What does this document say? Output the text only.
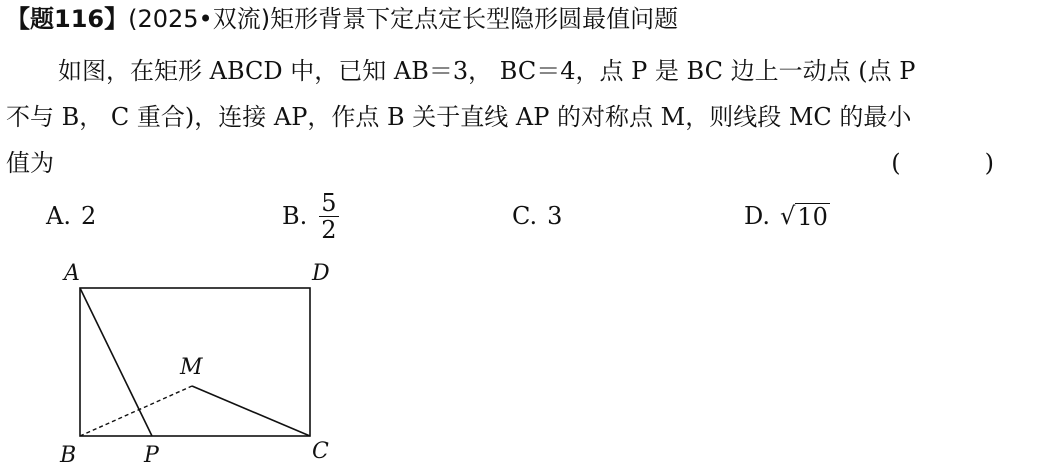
【题116】(2025•双流)矩形背景下定点定长型隐形圆最值问题
如图，在矩形 ABCD 中，已知 AB＝3， BC＝4，点 P 是 BC 边上一动点 (点 P
不与 B， C 重合)，连接 AP，作点 B 关于直线 AP 的对称点 M，则线段 MC 的最小
值为	(　)
A. 2	B. $\frac{5}{2}$	C. 3	D. √ 10
A	D
M
B	P	C
